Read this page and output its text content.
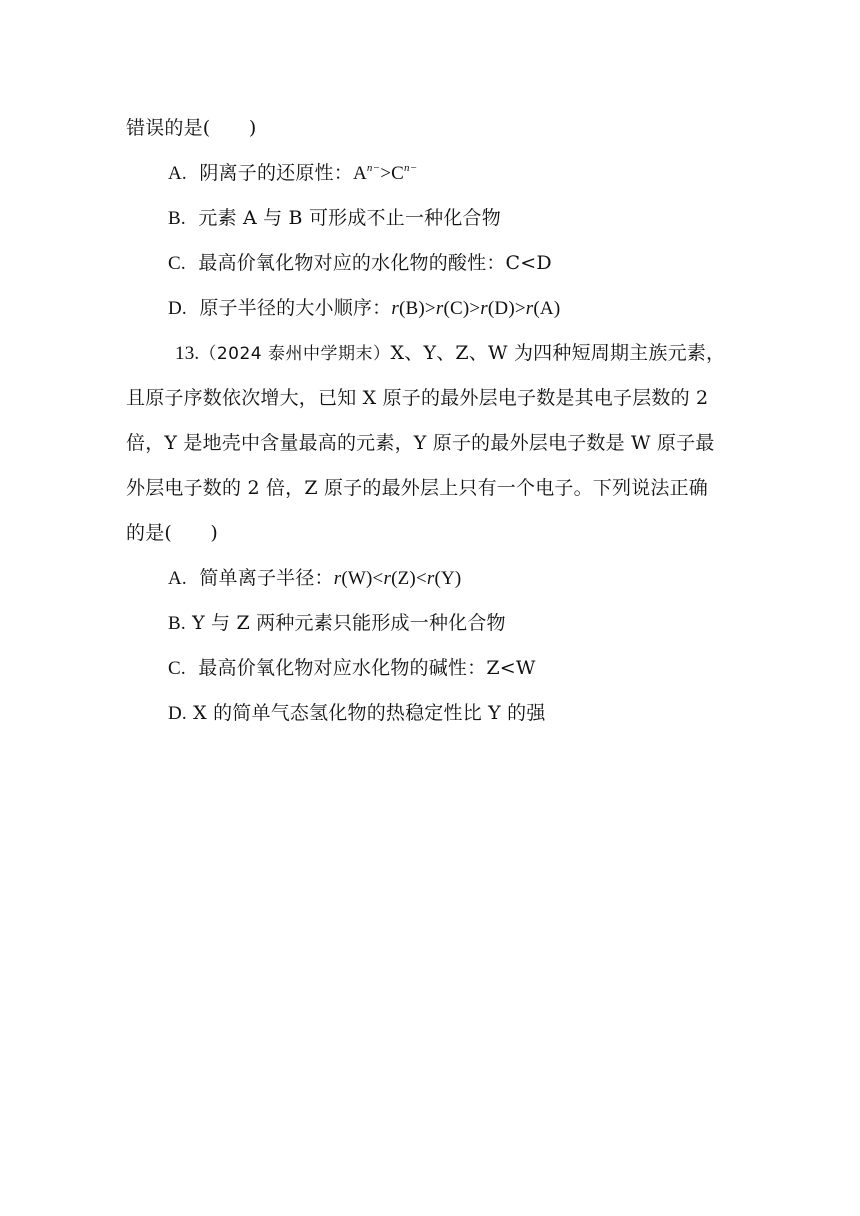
错误的是(　　)
A. 阴离子的还原性：$A^{n-}>C^{n-}$
B. 元素 A 与 B 可形成不止一种化合物
C. 最高价氧化物对应的水化物的酸性：C<D
D. 原子半径的大小顺序：r(B)>r(C)>r(D)>r(A)
13.（2024 泰州中学期末）X、Y、Z、W 为四种短周期主族元素，
且原子序数依次增大，已知 X 原子的最外层电子数是其电子层数的 2
倍，Y 是地壳中含量最高的元素，Y 原子的最外层电子数是 W 原子最
外层电子数的 2 倍，Z 原子的最外层上只有一个电子。下列说法正确
的是(　　)
A. 简单离子半径：r(W)<r(Z)<r(Y)
B. Y 与 Z 两种元素只能形成一种化合物
C. 最高价氧化物对应水化物的碱性：Z<W
D. X 的简单气态氢化物的热稳定性比 Y 的强
